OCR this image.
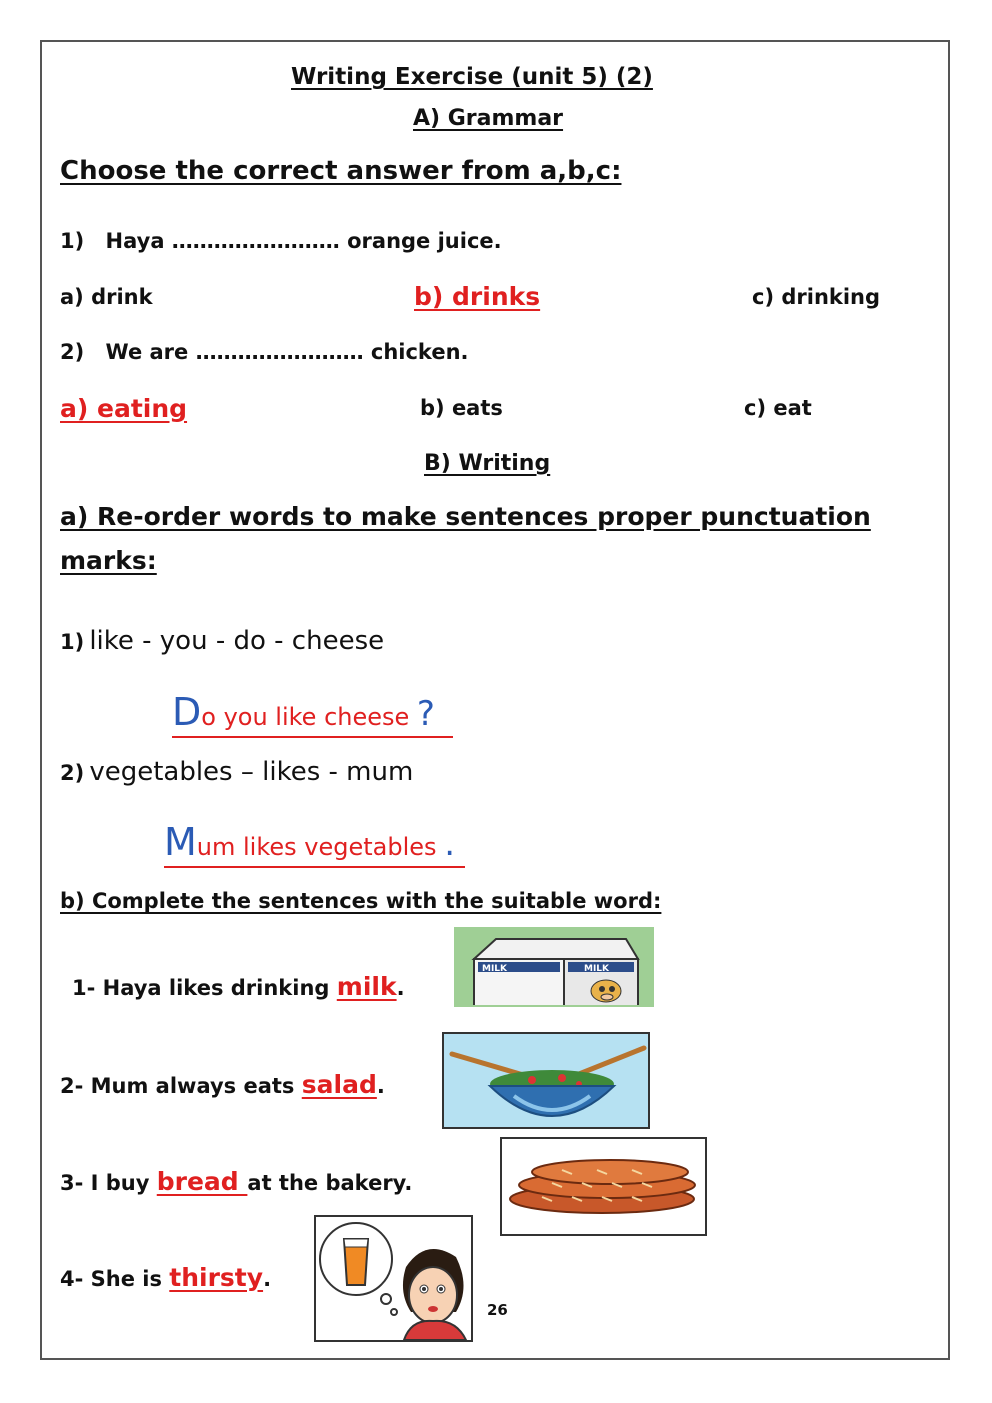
Writing Exercise (unit 5) (2)
A) Grammar
Choose the correct answer from a,b,c:
1) Haya …………………… orange juice.
a) drink	b) drinks	c) drinking
2) We are …………………… chicken.
a) eating	b) eats	c) eat
B) Writing
a) Re-order words to make sentences proper punctuation
marks:
1) like - you - do - cheese
Do you like cheese ?
2) vegetables – likes - mum
Mum likes vegetables .
b) Complete the sentences with the suitable word:
1- Haya likes drinking milk.
2- Mum always eats salad.
3- I buy bread at the bakery.
4- She is thirsty.
MILK	MILK
26
